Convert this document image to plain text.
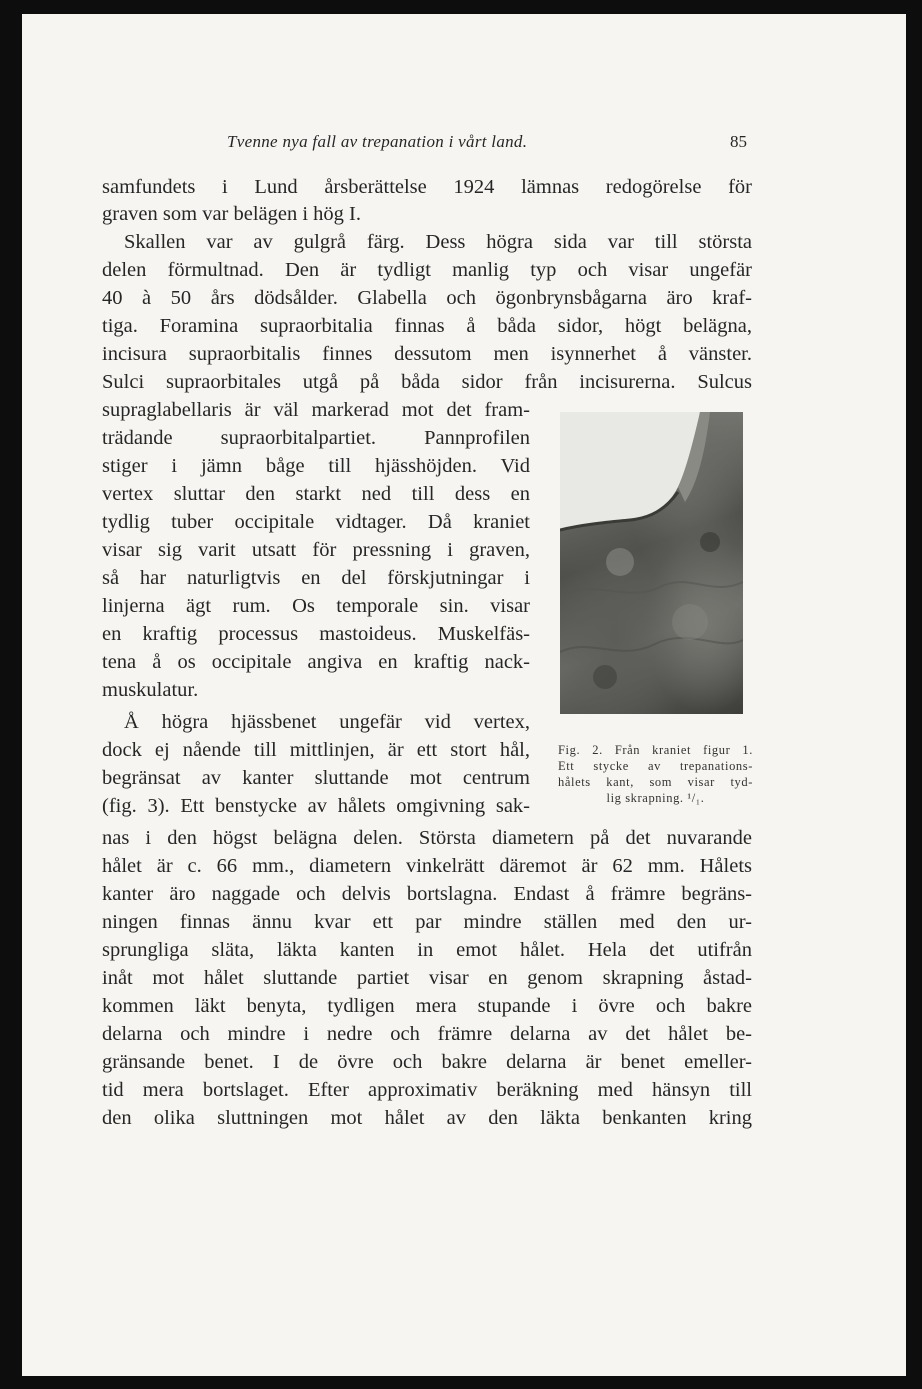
Tvenne nya fall av trepanation i vårt land.	85
samfundets i Lund årsberättelse 1924 lämnas redogörelse för
graven som var belägen i hög I.
Skallen var av gulgrå färg. Dess högra sida var till största
delen förmultnad. Den är tydligt manlig typ och visar ungefär
40 à 50 års dödsålder. Glabella och ögonbrynsbågarna äro kraf-
tiga. Foramina supraorbitalia finnas å båda sidor, högt belägna,
incisura supraorbitalis finnes dessutom men isynnerhet å vänster.
Sulci supraorbitales utgå på båda sidor från incisurerna. Sulcus
supraglabellaris är väl markerad mot det fram-
trädande supraorbitalpartiet. Pannprofilen
stiger i jämn båge till hjässhöjden. Vid
vertex sluttar den starkt ned till dess en
tydlig tuber occipitale vidtager. Då kraniet
visar sig varit utsatt för pressning i graven,
så har naturligtvis en del förskjutningar i
linjerna ägt rum. Os temporale sin. visar
en kraftig processus mastoideus. Muskelfäs-
tena å os occipitale angiva en kraftig nack-
muskulatur.
Å högra hjässbenet ungefär vid vertex,
dock ej nående till mittlinjen, är ett stort hål,
begränsat av kanter sluttande mot centrum
(fig. 3). Ett benstycke av hålets omgivning sak-
nas i den högst belägna delen. Största diametern på det nuvarande
hålet är c. 66 mm., diametern vinkelrätt däremot är 62 mm. Hålets
kanter äro naggade och delvis bortslagna. Endast å främre begräns-
ningen finnas ännu kvar ett par mindre ställen med den ur-
sprungliga släta, läkta kanten in emot hålet. Hela det utifrån
inåt mot hålet sluttande partiet visar en genom skrapning åstad-
kommen läkt benyta, tydligen mera stupande i övre och bakre
delarna och mindre i nedre och främre delarna av det hålet be-
gränsande benet. I de övre och bakre delarna är benet emeller-
tid mera bortslaget. Efter approximativ beräkning med hänsyn till
den olika sluttningen mot hålet av den läkta benkanten kring
Fig. 2. Från kraniet figur 1.
Ett stycke av trepanations-
hålets kant, som visar tyd-
lig skrapning. ¹/₁.
